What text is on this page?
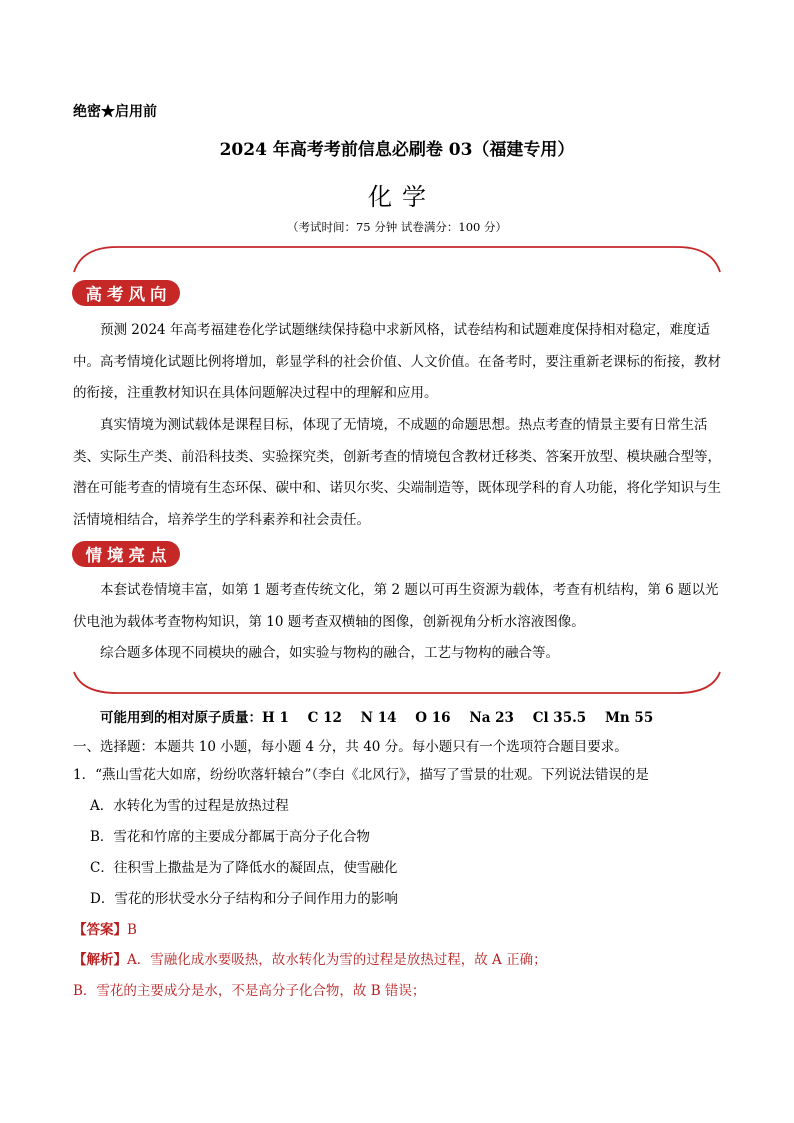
绝密★启用前
2024 年高考考前信息必刷卷 03（福建专用）
化学
（考试时间：75 分钟 试卷满分：100 分）
高考风向

预测 2024 年高考福建卷化学试题继续保持稳中求新风格，试卷结构和试题难度保持相对稳定，难度适中。高考情境化试题比例将增加，彰显学科的社会价值、人文价值。在备考时，要注重新老课标的衔接，教材的衔接，注重教材知识在具体问题解决过程中的理解和应用。

真实情境为测试载体是课程目标，体现了无情境，不成题的命题思想。热点考查的情景主要有日常生活类、实际生产类、前沿科技类、实验探究类，创新考查的情境包含教材迁移类、答案开放型、模块融合型等，潜在可能考查的情境有生态环保、碳中和、诺贝尔奖、尖端制造等，既体现学科的育人功能，将化学知识与生活情境相结合，培养学生的学科素养和社会责任。

情境亮点

本套试卷情境丰富，如第 1 题考查传统文化，第 2 题以可再生资源为载体，考查有机结构，第 6 题以光伏电池为载体考查物构知识，第 10 题考查双横轴的图像，创新视角分析水溶液图像。

综合题多体现不同模块的融合，如实验与物构的融合，工艺与物构的融合等。

可能用到的相对原子质量：H 1    C 12    N 14    O 16    Na 23    Cl 35.5    Mn 55
一、选择题：本题共 10 小题，每小题 4 分，共 40 分。每小题只有一个选项符合题目要求。
1．“燕山雪花大如席，纷纷吹落轩辕台”（李白《北风行》，描写了雪景的壮观。下列说法错误的是
A．水转化为雪的过程是放热过程
B．雪花和竹席的主要成分都属于高分子化合物
C．往积雪上撒盐是为了降低水的凝固点，使雪融化
D．雪花的形状受水分子结构和分子间作用力的影响
【答案】B
【解析】A．雪融化成水要吸热，故水转化为雪的过程是放热过程，故 A 正确；
B．雪花的主要成分是水，不是高分子化合物，故 B 错误；
